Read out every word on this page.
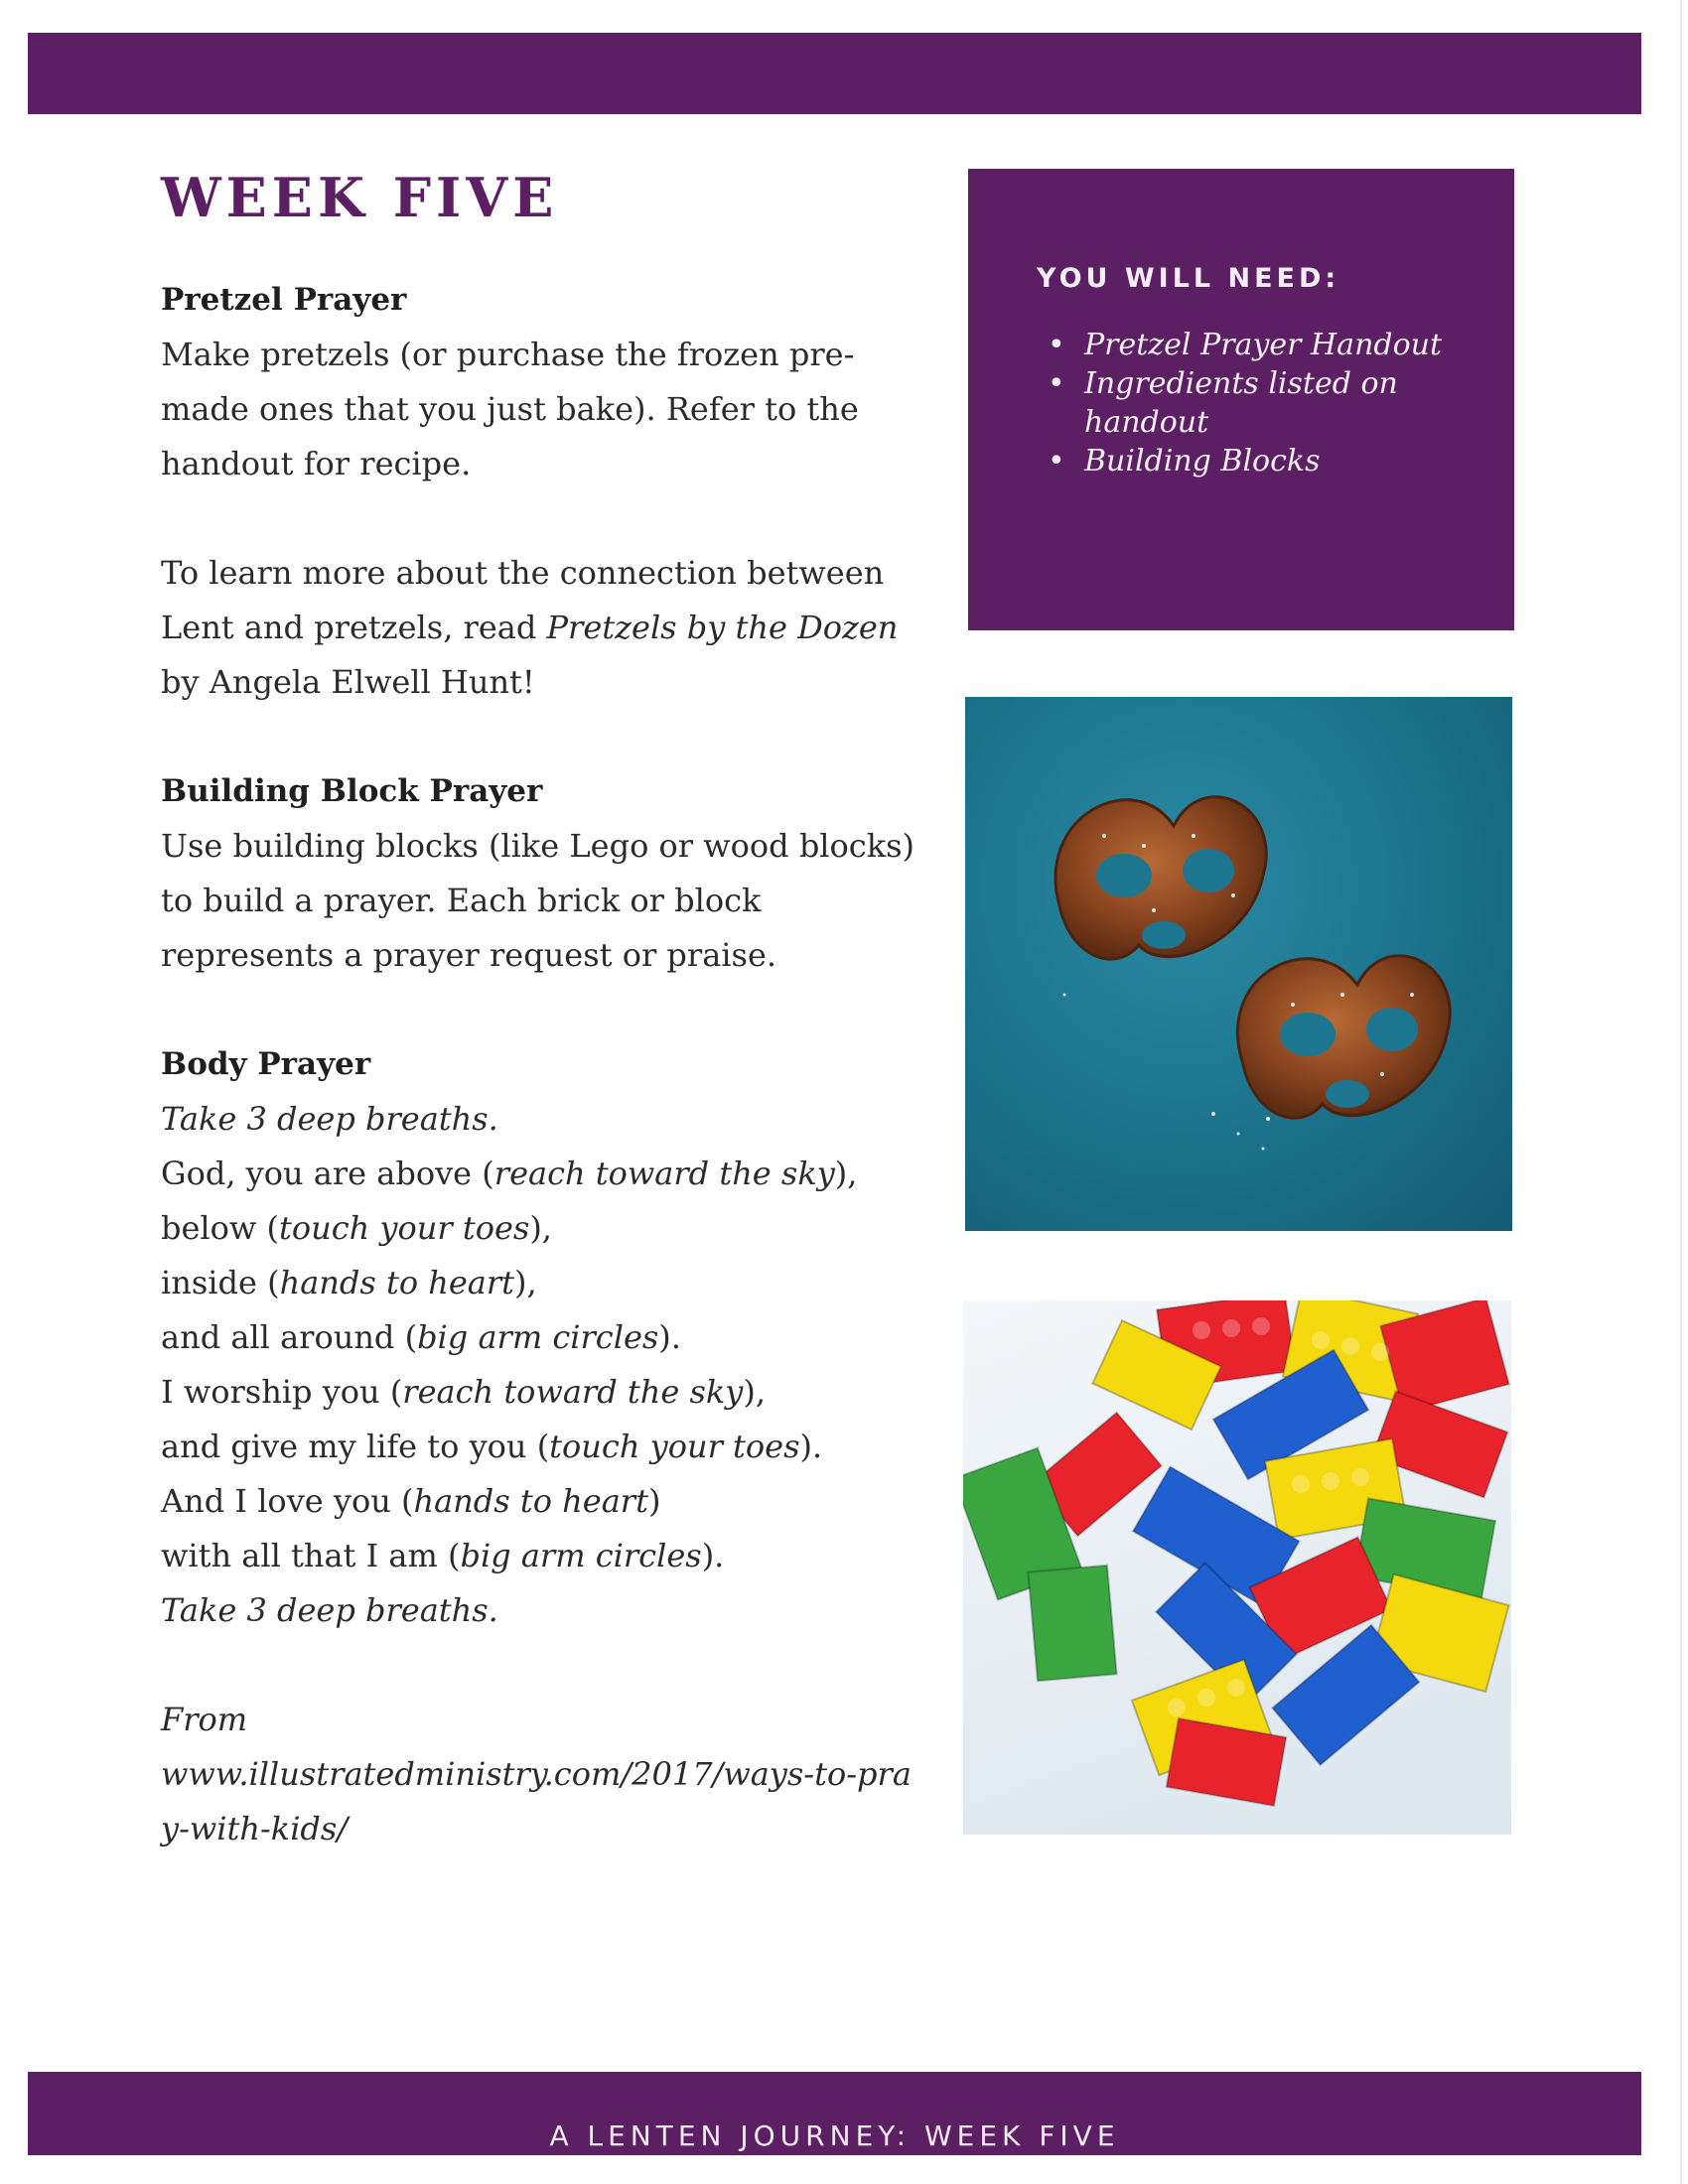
WEEK FIVE
Pretzel Prayer
Make pretzels (or purchase the frozen pre-made ones that you just bake). Refer to the handout for recipe.
To learn more about the connection between Lent and pretzels, read Pretzels by the Dozen by Angela Elwell Hunt!
Building Block Prayer
Use building blocks (like Lego or wood blocks) to build a prayer. Each brick or block represents a prayer request or praise.
Body Prayer
Take 3 deep breaths.
God, you are above (reach toward the sky),
below (touch your toes),
inside (hands to heart),
and all around (big arm circles).
I worship you (reach toward the sky),
and give my life to you (touch your toes).
And I love you (hands to heart)
with all that I am (big arm circles).
Take 3 deep breaths.
From
www.illustratedministry.com/2017/ways-to-pray-with-kids/
YOU WILL NEED:
• Pretzel Prayer Handout
• Ingredients listed on handout
• Building Blocks
A LENTEN JOURNEY: WEEK FIVE
